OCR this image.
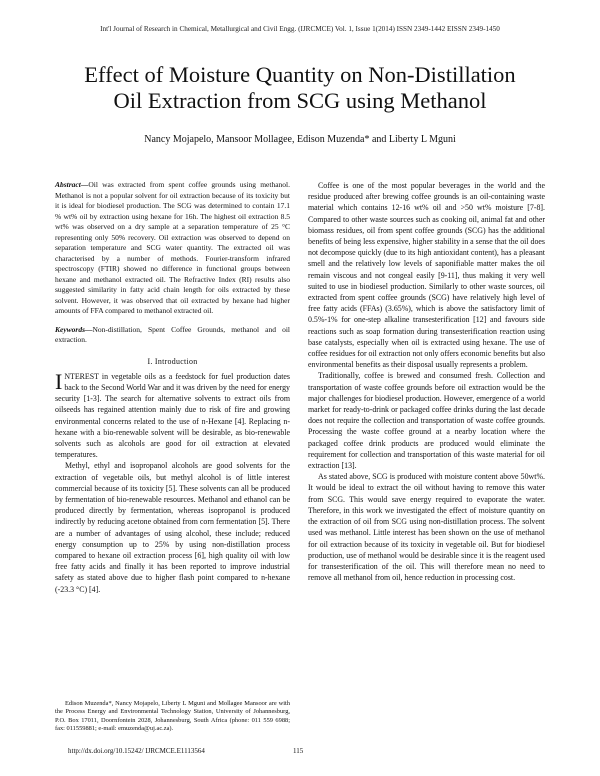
Int'l Journal of Research in Chemical, Metallurgical and Civil Engg. (IJRCMCE) Vol. 1, Issue 1(2014) ISSN 2349-1442 EISSN 2349-1450
Effect of Moisture Quantity on Non-Distillation
Oil Extraction from SCG using Methanol
Nancy Mojapelo, Mansoor Mollagee, Edison Muzenda* and Liberty L Mguni
Abstract—Oil was extracted from spent coffee grounds using methanol. Methanol is not a popular solvent for oil extraction because of its toxicity but it is ideal for biodiesel production. The SCG was determined to contain 17.1 % wt% oil by extraction using hexane for 16h. The highest oil extraction 8.5 wt% was observed on a dry sample at a separation temperature of 25 °C representing only 50% recovery. Oil extraction was observed to depend on separation temperature and SCG water quantity. The extracted oil was characterised by a number of methods. Fourier-transform infrared spectroscopy (FTIR) showed no difference in functional groups between hexane and methanol extracted oil. The Refractive Index (RI) results also suggested similarity in fatty acid chain length for oils extracted by these solvent. However, it was observed that oil extracted by hexane had higher amounts of FFA compared to methanol extracted oil.
Keywords—Non-distillation, Spent Coffee Grounds, methanol and oil extraction.
I. Introduction

INTEREST in vegetable oils as a feedstock for fuel production dates back to the Second World War and it was driven by the need for energy security [1-3]. The search for alternative solvents to extract oils from oilseeds has regained attention mainly due to risk of fire and growing environmental concerns related to the use of n-Hexane [4]. Replacing n-hexane with a bio-renewable solvent will be desirable, as bio-renewable solvents such as alcohols are good for oil extraction at elevated temperatures.

Methyl, ethyl and isopropanol alcohols are good solvents for the extraction of vegetable oils, but methyl alcohol is of little interest commercial because of its toxicity [5]. These solvents can all be produced by fermentation of bio-renewable resources. Methanol and ethanol can be produced directly by fermentation, whereas isopropanol is produced indirectly by reducing acetone obtained from corn fermentation [5]. There are a number of advantages of using alcohol, these include; reduced energy consumption up to 25% by using non-distillation process compared to hexane oil extraction process [6], high quality oil with low free fatty acids and finally it has been reported to improve industrial safety as stated above due to higher flash point compared to n-hexane (-23.3 °C) [4].

Edison Muzenda*, Nancy Mojapelo, Liberty L Mguni and Mollagee Mansoor are with the Process Energy and Environmental Technology Station, University of Johannesburg, P.O. Box 17011, Doornfontein 2028, Johannesburg, South Africa (phone: 011 559 6988; fax: 011559881; e-mail: emuzenda@uj.ac.za).

Coffee is one of the most popular beverages in the world and the residue produced after brewing coffee grounds is an oil-containing waste material which contains 12-16 wt% oil and >50 wt% moisture [7-8]. Compared to other waste sources such as cooking oil, animal fat and other biomass residues, oil from spent coffee grounds (SCG) has the additional benefits of being less expensive, higher stability in a sense that the oil does not decompose quickly (due to its high antioxidant content), has a pleasant smell and the relatively low levels of saponifiable matter makes the oil remain viscous and not congeal easily [9-11], thus making it very well suited to use in biodiesel production. Similarly to other waste sources, oil extracted from spent coffee grounds (SCG) have relatively high level of free fatty acids (FFAs) (3.65%), which is above the satisfactory limit of 0.5%-1% for one-step alkaline transesterification [12] and favours side reactions such as soap formation during transesterification reaction using base catalysts, especially when oil is extracted using hexane. The use of coffee residues for oil extraction not only offers economic benefits but also environmental benefits as their disposal usually represents a problem.

Traditionally, coffee is brewed and consumed fresh. Collection and transportation of waste coffee grounds before oil extraction would be the major challenges for biodiesel production. However, emergence of a world market for ready-to-drink or packaged coffee drinks during the last decade does not require the collection and transportation of waste coffee grounds. Processing the waste coffee ground at a nearby location where the packaged coffee drink products are produced would eliminate the requirement for collection and transportation of this waste material for oil extraction [13].

As stated above, SCG is produced with moisture content above 50wt%. It would be ideal to extract the oil without having to remove this water from SCG. This would save energy required to evaporate the water. Therefore, in this work we investigated the effect of moisture quantity on the extraction of oil from SCG using non-distillation process. The solvent used was methanol. Little interest has been shown on the use of methanol for oil extraction because of its toxicity in vegetable oil. But for biodiesel production, use of methanol would be desirable since it is the reagent used for transesterification of the oil. This will therefore mean no need to remove all methanol from oil, hence reduction in processing cost.

http://dx.doi.org/10.15242/ IJRCMCE.E1113564	115
